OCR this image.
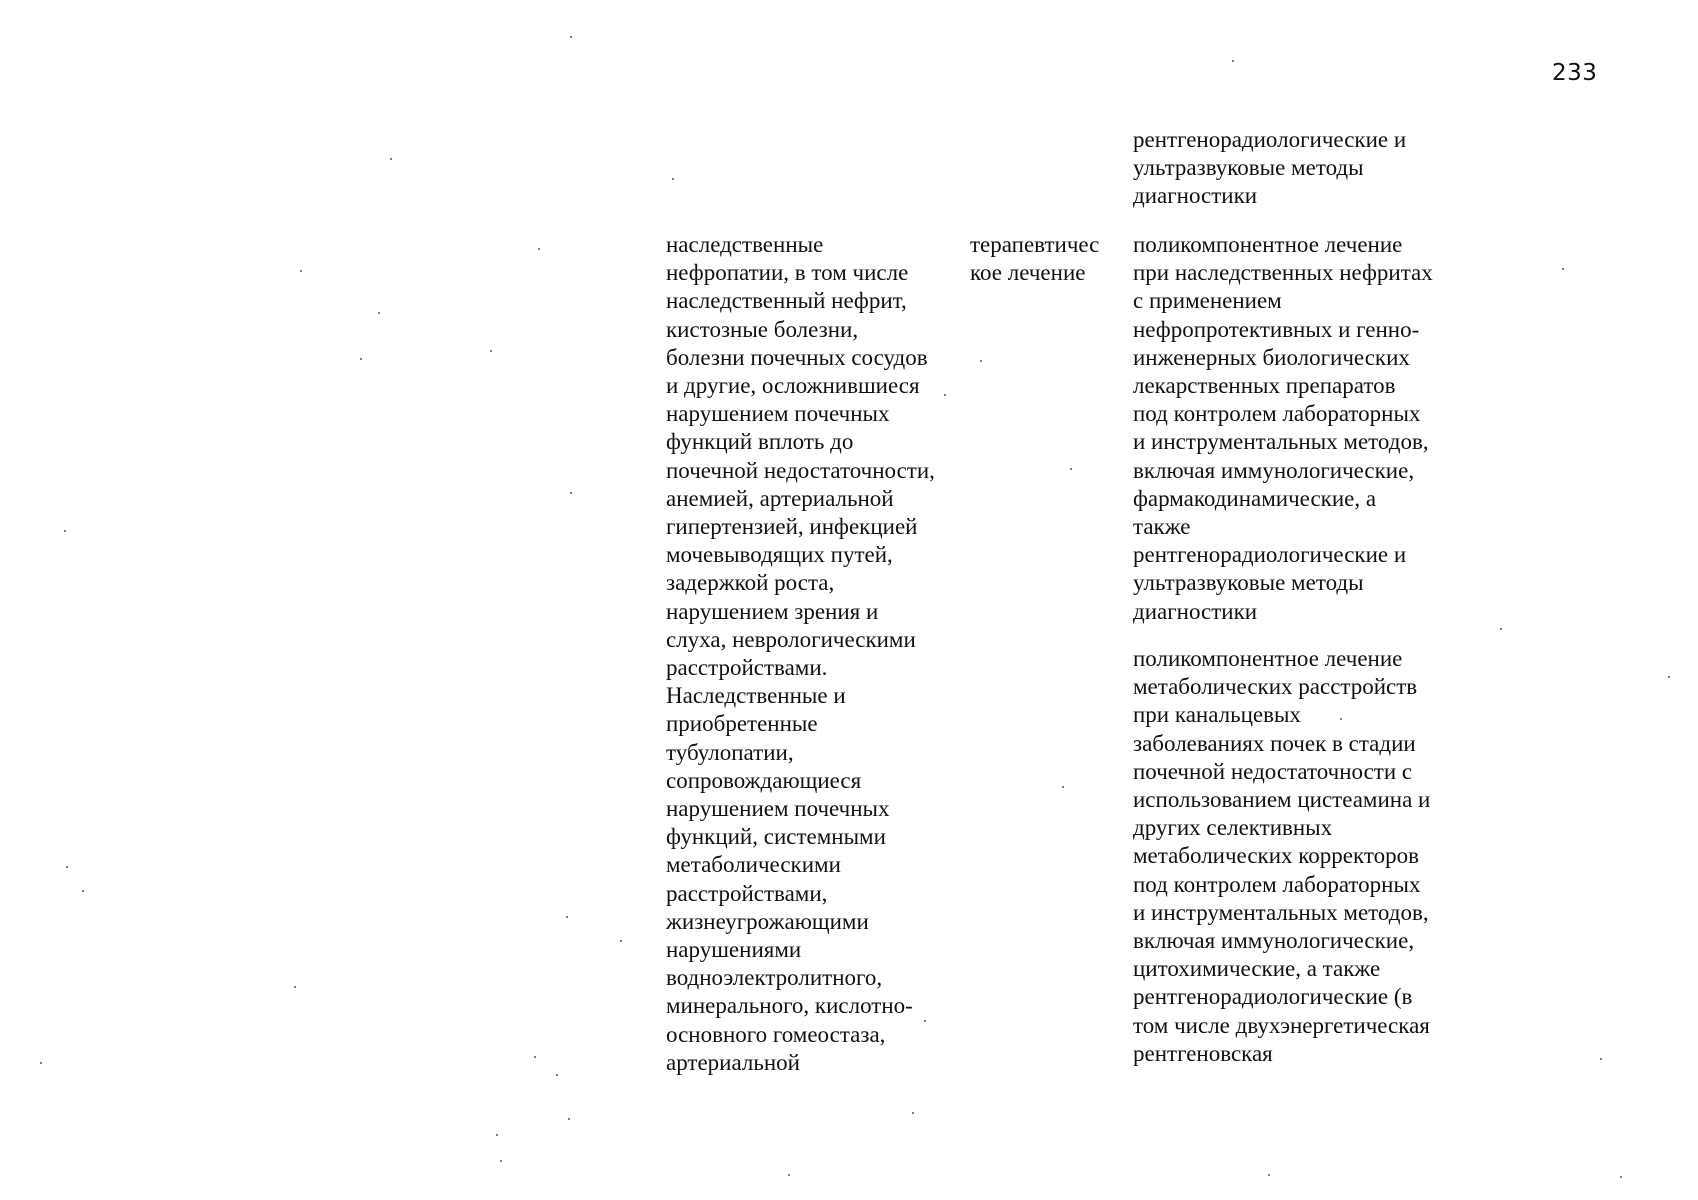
233
рентгенорадиологические и
ультразвуковые методы
диагностики
наследственные
нефропатии, в том числе
наследственный нефрит,
кистозные болезни,
болезни почечных сосудов
и другие, осложнившиеся
нарушением почечных
функций вплоть до
почечной недостаточности,
анемией, артериальной
гипертензией, инфекцией
мочевыводящих путей,
задержкой роста,
нарушением зрения и
слуха, неврологическими
расстройствами.
Наследственные и
приобретенные
тубулопатии,
сопровождающиеся
нарушением почечных
функций, системными
метаболическими
расстройствами,
жизнеугрожающими
нарушениями
водноэлектролитного,
минерального, кислотно-
основного гомеостаза,
артериальной
терапевтичес
кое лечение
поликомпонентное лечение
при наследственных нефритах
с применением
нефропротективных и генно-
инженерных биологических
лекарственных препаратов
под контролем лабораторных
и инструментальных методов,
включая иммунологические,
фармакодинамические, а
также
рентгенорадиологические и
ультразвуковые методы
диагностики
поликомпонентное лечение
метаболических расстройств
при канальцевых
заболеваниях почек в стадии
почечной недостаточности с
использованием цистеамина и
других селективных
метаболических корректоров
под контролем лабораторных
и инструментальных методов,
включая иммунологические,
цитохимические, а также
рентгенорадиологические (в
том числе двухэнергетическая
рентгеновская
